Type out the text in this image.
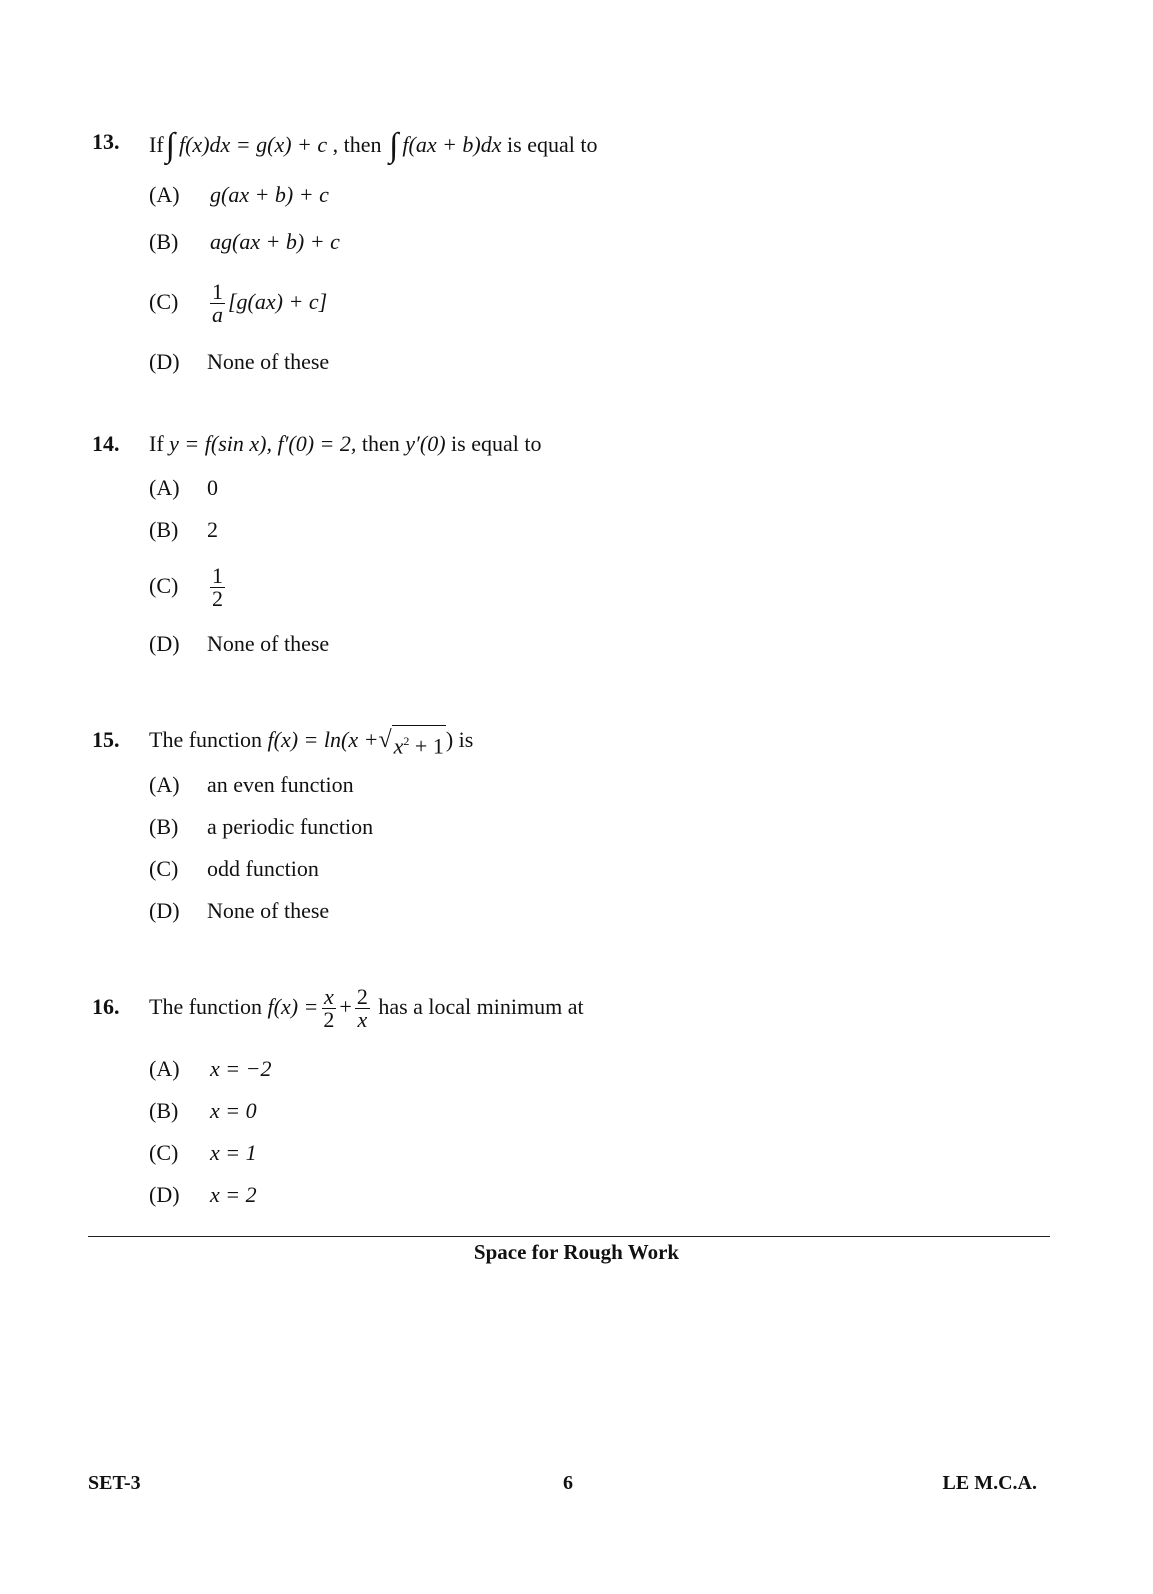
13. If∫ f(x)dx = g(x) + c , then ∫ f(ax + b)dx is equal to
(A) g(ax + b) + c
(B) ag(ax + b) + c
$(C) \frac{1}{a} [g(ax) + c]$
(D) None of these
14. If y = f(sin x), f′(0) = 2, then y′(0) is equal to
(A) 0
(B) 2
$(C) \frac{1}{2}$
(D) None of these
15. The function f(x) = ln(x + √ $x^2 + 1$ ) is
(A) an even function
(B) a periodic function
(C) odd function
(D) None of these
16. The function $f(x) = \frac{x}{2} + \frac{2}{x}$ has a local minimum at
(A) x = −2
(B) x = 0
(C) x = 1
(D) x = 2
Space for Rough Work
SET-3	6	LE M.C.A.
